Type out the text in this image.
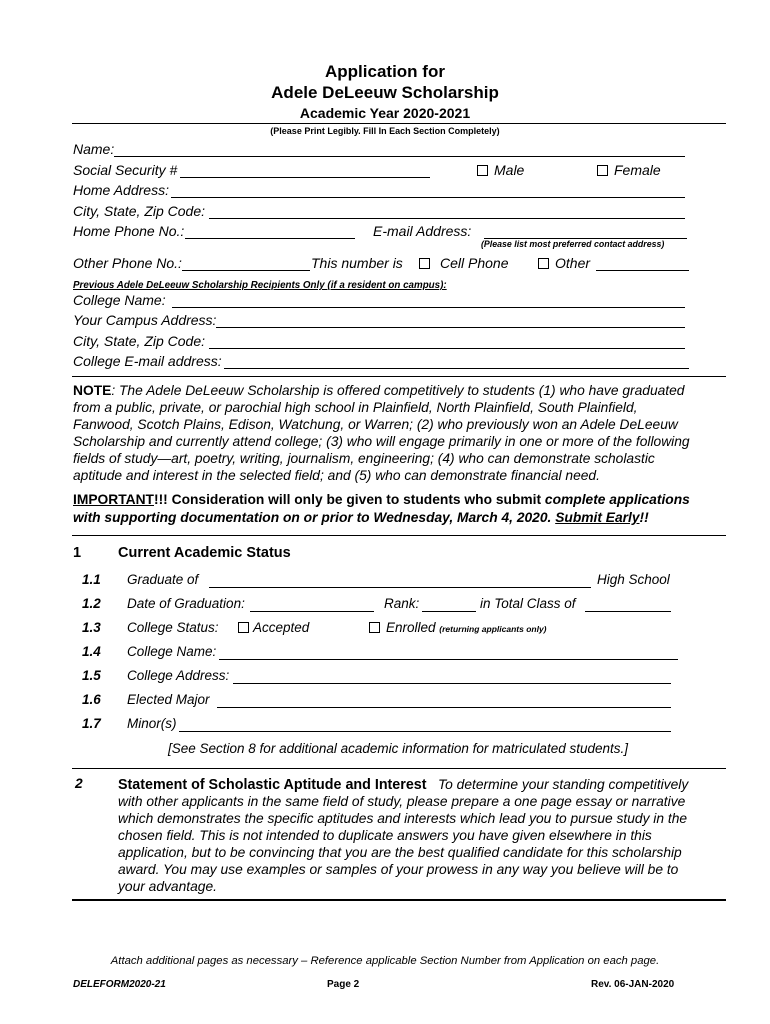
Application for
Adele DeLeeuw Scholarship
Academic Year 2020-2021
(Please Print Legibly. Fill In Each Section Completely)
Name:
Social Security #	Male	Female
Home Address:
City, State, Zip Code:
Home Phone No.:	E-mail Address:
(Please list most preferred contact address)
Other Phone No.:	This number is	Cell Phone	Other
Previous Adele DeLeeuw Scholarship Recipients Only (if a resident on campus):
College Name:
Your Campus Address:
City, State, Zip Code:
College E-mail address:
NOTE: The Adele DeLeeuw Scholarship is offered competitively to students (1) who have graduated
from a public, private, or parochial high school in Plainfield, North Plainfield, South Plainfield,
Fanwood, Scotch Plains, Edison, Watchung, or Warren; (2) who previously won an Adele DeLeeuw
Scholarship and currently attend college; (3) who will engage primarily in one or more of the following
fields of study—art, poetry, writing, journalism, engineering; (4) who can demonstrate scholastic
aptitude and interest in the selected field; and (5) who can demonstrate financial need.
IMPORTANT!!! Consideration will only be given to students who submit complete applications
with supporting documentation on or prior to Wednesday, March 4, 2020. Submit Early!!
1	Current Academic Status
1.1 Graduate of	High School
1.2 Date of Graduation:	Rank:	in Total Class of
1.3 College Status:	Accepted	Enrolled (returning applicants only)
1.4 College Name:
1.5 College Address:
1.6 Elected Major
1.7 Minor(s)
[See Section 8 for additional academic information for matriculated students.]
2 Statement of Scholastic Aptitude and Interest To determine your standing competitively
with other applicants in the same field of study, please prepare a one page essay or narrative
which demonstrates the specific aptitudes and interests which lead you to pursue study in the
chosen field. This is not intended to duplicate answers you have given elsewhere in this
application, but to be convincing that you are the best qualified candidate for this scholarship
award. You may use examples or samples of your prowess in any way you believe will be to
your advantage.
Attach additional pages as necessary – Reference applicable Section Number from Application on each page.
DELEFORM2020-21	Page 2	Rev. 06-JAN-2020
